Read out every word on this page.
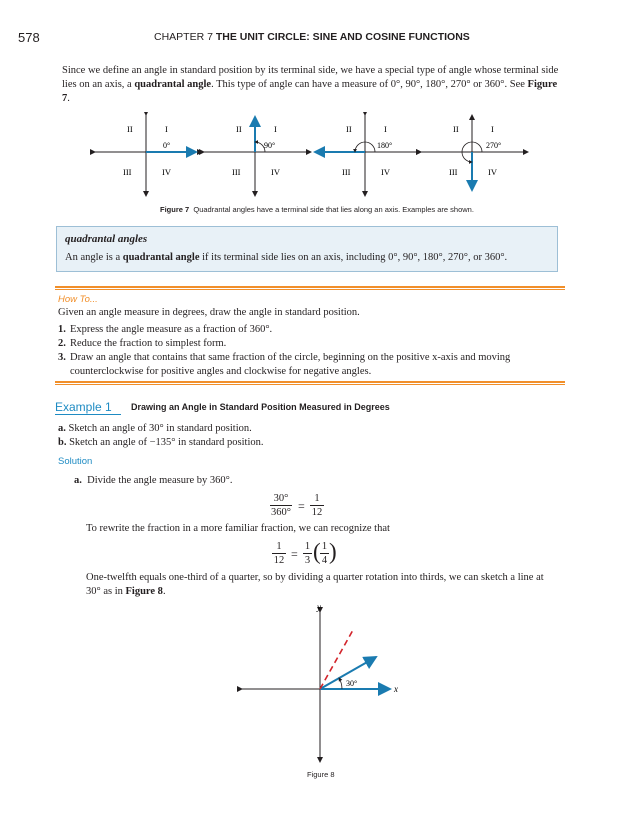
578	CHAPTER 7 THE UNIT CIRCLE: SINE AND COSINE FUNCTIONS
Since we define an angle in standard position by its terminal side, we have a special type of angle whose terminal side
lies on an axis, a quadrantal angle. This type of angle can have a measure of 0°, 90°, 180°, 270° or 360°. See Figure 7.
II	I
III	IV
0°
II	I
III	IV
90°
II	I
III	IV
180°
II	I
III	IV
270°
Figure 7 Quadrantal angles have a terminal side that lies along an axis. Examples are shown.
quadrantal angles
An angle is a quadrantal angle if its terminal side lies on an axis, including 0°, 90°, 180°, 270°, or 360°.
How To...
Given an angle measure in degrees, draw the angle in standard position.
1. Express the angle measure as a fraction of 360°.
2. Reduce the fraction to simplest form.
3. Draw an angle that contains that same fraction of the circle, beginning on the positive x-axis and moving counterclockwise for positive angles and clockwise for negative angles.
Example 1 Drawing an Angle in Standard Position Measured in Degrees
a. Sketch an angle of 30° in standard position.
b. Sketch an angle of −135° in standard position.
Solution
a. Divide the angle measure by 360°.
$\frac{30^\circ}{360^\circ} = \frac{1}{12}$
To rewrite the fraction in a more familiar fraction, we can recognize that
$\frac{1}{12} = \frac{1}{3}$ ( $\frac{1}{4}$ )
One-twelfth equals one-third of a quarter, so by dividing a quarter rotation into thirds, we can sketch a line at
30° as in Figure 8.
30°
x
y
Figure 8
